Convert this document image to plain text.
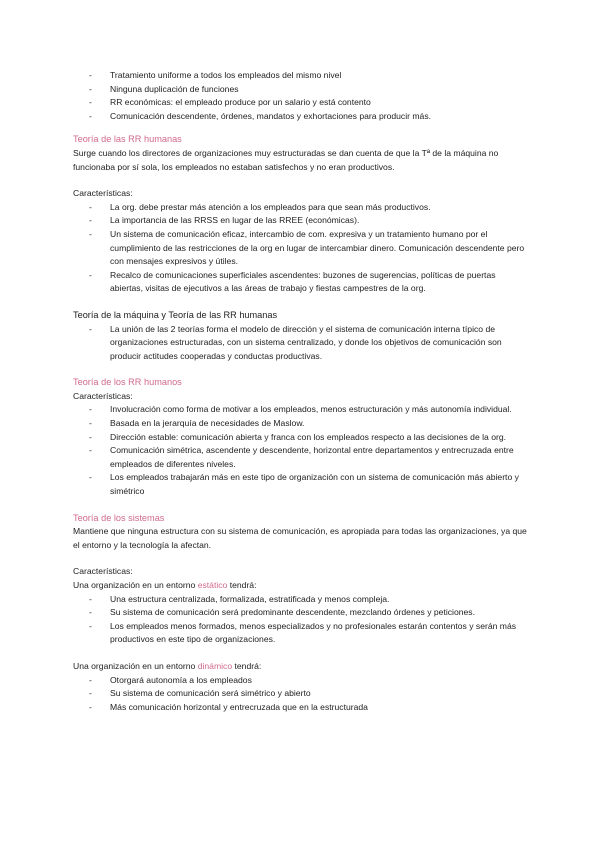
- Tratamiento uniforme a todos los empleados del mismo nivel
- Ninguna duplicación de funciones
- RR económicas: el empleado produce por un salario y está contento
- Comunicación descendente, órdenes, mandatos y exhortaciones para producir más.
Teoría de las RR humanas
Surge cuando los directores de organizaciones muy estructuradas se dan cuenta de que la Tª de la máquina no funcionaba por sí sola, los empleados no estaban satisfechos y no eran productivos.
Características:
- La org. debe prestar más atención a los empleados para que sean más productivos.
- La importancia de las RRSS en lugar de las RREE (económicas).
- Un sistema de comunicación eficaz, intercambio de com. expresiva y un tratamiento humano por el cumplimiento de las restricciones de la org en lugar de intercambiar dinero. Comunicación descendente pero con mensajes expresivos y útiles.
- Recalco de comunicaciones superficiales ascendentes: buzones de sugerencias, políticas de puertas abiertas, visitas de ejecutivos a las áreas de trabajo y fiestas campestres de la org.
Teoría de la máquina y Teoría de las RR humanas
- La unión de las 2 teorías forma el modelo de dirección y el sistema de comunicación interna típico de organizaciones estructuradas, con un sistema centralizado, y donde los objetivos de comunicación son producir actitudes cooperadas y conductas productivas.
Teoría de los RR humanos
Características:
- Involucración como forma de motivar a los empleados, menos estructuración y más autonomía individual.
- Basada en la jerarquía de necesidades de Maslow.
- Dirección estable: comunicación abierta y franca con los empleados respecto a las decisiones de la org.
- Comunicación simétrica, ascendente y descendente, horizontal entre departamentos y entrecruzada entre empleados de diferentes niveles.
- Los empleados trabajarán más en este tipo de organización con un sistema de comunicación más abierto y simétrico
Teoría de los sistemas
Mantiene que ninguna estructura con su sistema de comunicación, es apropiada para todas las organizaciones, ya que el entorno y la tecnología la afectan.
Características:
Una organización en un entorno estático tendrá:
- Una estructura centralizada, formalizada, estratificada y menos compleja.
- Su sistema de comunicación será predominante descendente, mezclando órdenes y peticiones.
- Los empleados menos formados, menos especializados y no profesionales estarán contentos y serán más productivos en este tipo de organizaciones.
Una organización en un entorno dinámico tendrá:
- Otorgará autonomía a los empleados
- Su sistema de comunicación será simétrico y abierto
- Más comunicación horizontal y entrecruzada que en la estructurada
